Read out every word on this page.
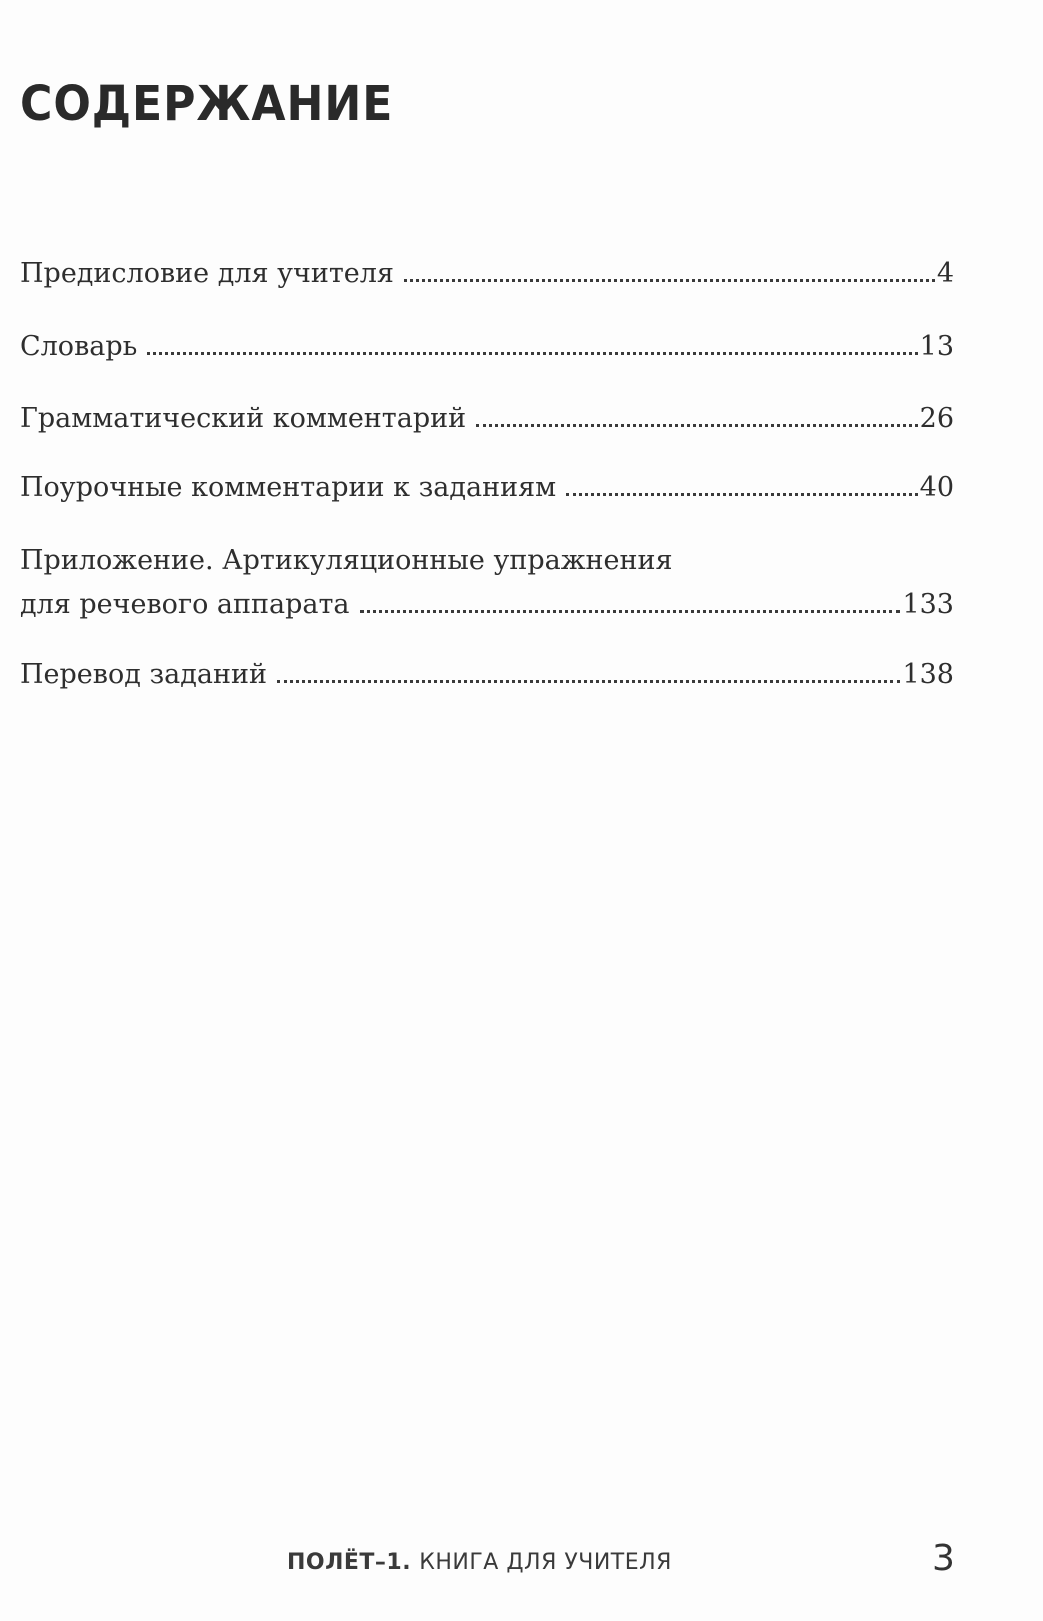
СОДЕРЖАНИЕ
Предисловие для учителя	4
Словарь	13
Грамматический комментарий	26
Поурочные комментарии к заданиям	40
Приложение. Артикуляционные упражнения
для речевого аппарата	133
Перевод заданий	138
ПОЛЁТ–1. КНИГА ДЛЯ УЧИТЕЛЯ	3
